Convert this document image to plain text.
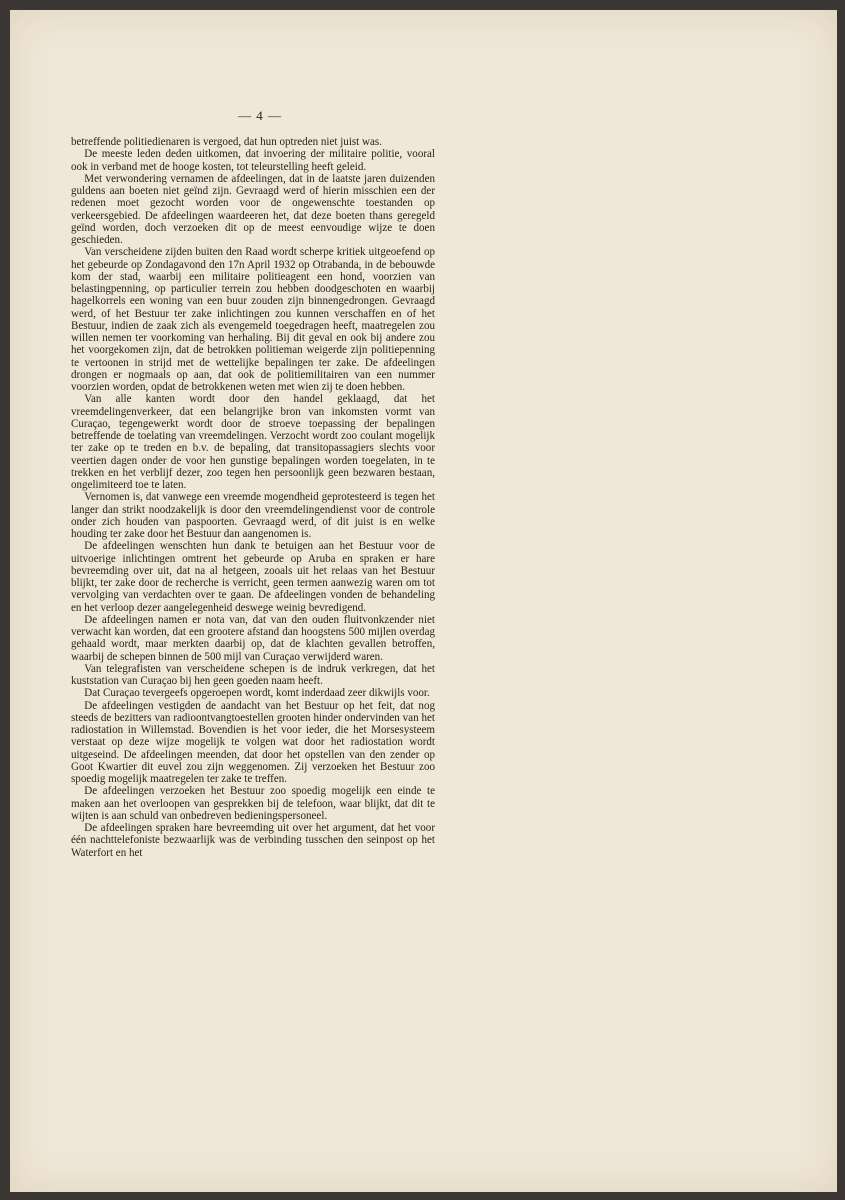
— 4 —

betreffende politiedienaren is vergoed, dat hun optreden niet juist was.

De meeste leden deden uitkomen, dat invoering der militaire politie, vooral ook in verband met de hooge kosten, tot teleurstelling heeft geleid.

Met verwondering vernamen de afdeelingen, dat in de laatste jaren duizenden guldens aan boeten niet geïnd zijn. Gevraagd werd of hierin misschien een der redenen moet gezocht worden voor de ongewenschte toestanden op verkeersgebied. De afdeelingen waardeeren het, dat deze boeten thans geregeld geïnd worden, doch verzoeken dit op de meest eenvoudige wijze te doen geschieden.

Van verscheidene zijden buiten den Raad wordt scherpe kritiek uitgeoefend op het gebeurde op Zondagavond den 17n April 1932 op Otrabanda, in de bebouwde kom der stad, waarbij een militaire politieagent een hond, voorzien van belastingpenning, op particulier terrein zou hebben doodgeschoten en waarbij hagelkorrels een woning van een buur zouden zijn binnengedrongen. Gevraagd werd, of het Bestuur ter zake inlichtingen zou kunnen verschaffen en of het Bestuur, indien de zaak zich als evengemeld toegedragen heeft, maatregelen zou willen nemen ter voorkoming van herhaling. Bij dit geval en ook bij andere zou het voorgekomen zijn, dat de betrokken politieman weigerde zijn politiepenning te vertoonen in strijd met de wettelijke bepalingen ter zake. De afdeelingen drongen er nogmaals op aan, dat ook de politiemilitairen van een nummer voorzien worden, opdat de betrokkenen weten met wien zij te doen hebben.

Van alle kanten wordt door den handel geklaagd, dat het vreemdelingenverkeer, dat een belangrijke bron van inkomsten vormt van Curaçao, tegengewerkt wordt door de stroeve toepassing der bepalingen betreffende de toelating van vreemdelingen. Verzocht wordt zoo coulant mogelijk ter zake op te treden en b.v. de bepaling, dat transitopassagiers slechts voor veertien dagen onder de voor hen gunstige bepalingen worden toegelaten, in te trekken en het verblijf dezer, zoo tegen hen persoonlijk geen bezwaren bestaan, ongelimiteerd toe te laten.

Vernomen is, dat vanwege een vreemde mogendheid geprotesteerd is tegen het langer dan strikt noodzakelijk is door den vreemdelingendienst voor de controle onder zich houden van paspoorten. Gevraagd werd, of dit juist is en welke houding ter zake door het Bestuur dan aangenomen is.

De afdeelingen wenschten hun dank te betuigen aan het Bestuur voor de uitvoerige inlichtingen omtrent het gebeurde op Aruba en spraken er hare bevreemding over uit, dat na al hetgeen, zooals uit het relaas van het Bestuur blijkt, ter zake door de recherche is verricht, geen termen aanwezig waren om tot vervolging van verdachten over te gaan. De afdeelingen vonden de behandeling en het verloop dezer aangelegenheid deswege weinig bevredigend.

De afdeelingen namen er nota van, dat van den ouden fluitvonkzender niet verwacht kan worden, dat een grootere afstand dan hoogstens 500 mijlen overdag gehaald wordt, maar merkten daarbij op, dat de klachten gevallen betroffen, waarbij de schepen binnen de 500 mijl van Curaçao verwijderd waren.

Van telegrafisten van verscheidene schepen is de indruk verkregen, dat het kuststation van Curaçao bij hen geen goeden naam heeft.

Dat Curaçao tevergeefs opgeroepen wordt, komt inderdaad zeer dikwijls voor.

De afdeelingen vestigden de aandacht van het Bestuur op het feit, dat nog steeds de bezitters van radioontvangtoestellen grooten hinder ondervinden van het radiostation in Willemstad. Bovendien is het voor ieder, die het Morsesysteem verstaat op deze wijze mogelijk te volgen wat door het radiostation wordt uitgeseind. De afdeelingen meenden, dat door het opstellen van den zender op Goot Kwartier dit euvel zou zijn weggenomen. Zij verzoeken het Bestuur zoo spoedig mogelijk maatregelen ter zake te treffen.

De afdeelingen verzoeken het Bestuur zoo spoedig mogelijk een einde te maken aan het overloopen van gesprekken bij de telefoon, waar blijkt, dat dit te wijten is aan schuld van onbedreven bedieningspersoneel.

De afdeelingen spraken hare bevreemding uit over het argument, dat het voor één nachttelefoniste bezwaarlijk was de verbinding tusschen den seinpost op het Waterfort en het
